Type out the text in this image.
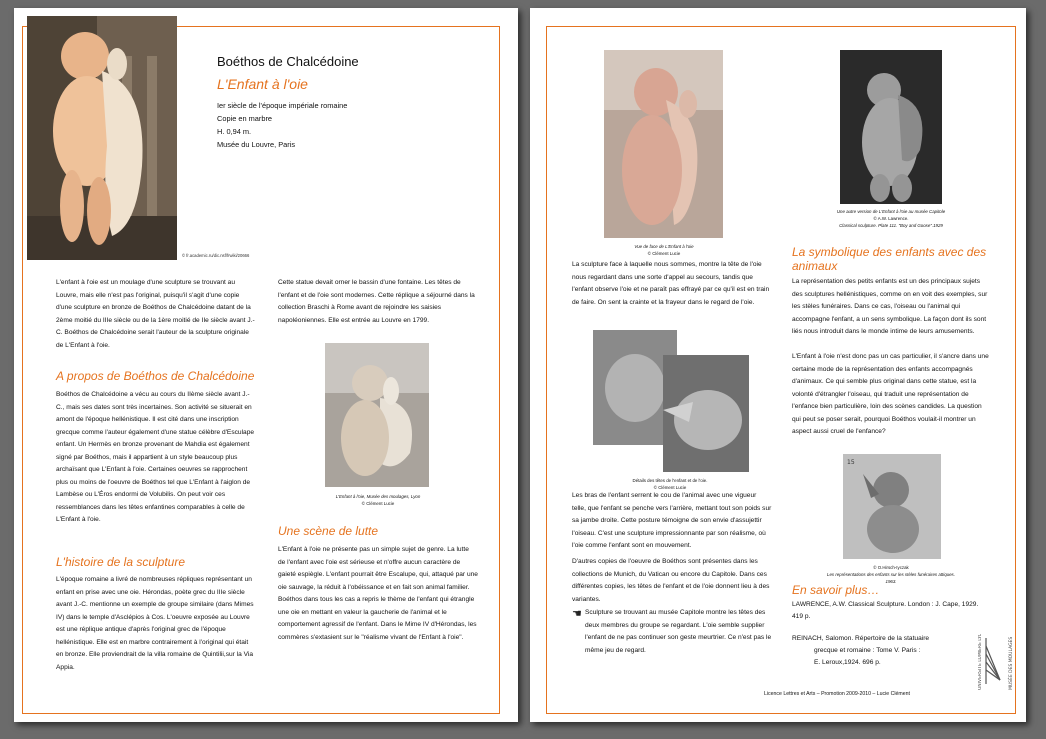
© fr.academic.ru/dic.nsf/frwiki/20666
Boéthos de Chalcédoine
L'Enfant à l'oie
Ier siècle de l'époque impériale romaine
Copie en marbre
H. 0,94 m.
Musée du Louvre, Paris
L'enfant à l'oie est un moulage d'une sculpture se trouvant au Louvre, mais elle n'est pas l'original, puisqu'il s'agit d'une copie d'une sculpture en bronze de Boéthos de Chalcédoine datant de la 2ème moitié du IIIe siècle ou de la 1ère moitié de IIe siècle avant J.-C. Boéthos de Chalcédoine serait l'auteur de la sculpture originale de L'Enfant à l'oie.
A propos de Boéthos de Chalcédoine
Boéthos de Chalcédoine a vécu au cours du IIème siècle avant J.-C., mais ses dates sont très incertaines. Son activité se situerait en amont de l'époque hellénistique. Il est cité dans une inscription grecque comme l'auteur également d'une statue célèbre d'Esculape enfant. Un Hermès en bronze provenant de Mahdia est également signé par Boéthos, mais il appartient à un style beaucoup plus archaïsant que L'Enfant à l'oie. Certaines oeuvres se rapprochent plus ou moins de l'oeuvre de Boéthos tel que L'Enfant à l'aiglon de Lambèse ou L'Éros endormi de Volubilis. On peut voir ces ressemblances dans les têtes enfantines comparables à celle de L'Enfant à l'oie.
L'histoire de la sculpture
L'époque romaine a livré de nombreuses répliques représentant un enfant en prise avec une oie. Hérondas, poète grec du IIIe siècle avant J.-C. mentionne un exemple de groupe similaire (dans Mimes IV) dans le temple d'Asclépios à Cos. L'oeuvre exposée au Louvre est une réplique antique d'après l'original grec de l'époque hellénistique. Elle est en marbre contrairement à l'original qui était en bronze. Elle proviendrait de la villa romaine de Quintilii,sur la Via Appia.
Cette statue devait orner le bassin d'une fontaine. Les têtes de l'enfant et de l'oie sont modernes. Cette réplique a séjourné dans la collection Braschi à Rome avant de rejoindre les saisies napoléoniennes. Elle est entrée au Louvre en 1799.
L'Enfant à l'oie, Musée des moulages, Lyon
© Clément Lucie
Une scène de lutte
L'Enfant à l'oie ne présente pas un simple sujet de genre. La lutte de l'enfant avec l'oie est sérieuse et n'offre aucun caractère de gaieté espiègle. L'enfant pourrait être Escalupe, qui, attaqué par une oie sauvage, la réduit à l'obéissance et en fait son animal familier. Boéthos dans tous les cas a repris le thème de l'enfant qui étrangle une oie en mettant en valeur la gaucherie de l'animal et le comportement agressif de l'enfant. Dans le Mime IV d'Hérondas, les commères s'extasient sur le "réalisme vivant de l'Enfant à l'oie".
Vue de face de L'Enfant à l'oie
© Clément Lucie
Une autre version de L'Enfant à l'oie au musée Capitole
© A.W. Lawrence.
Classical sculpture. Plate 111. "Boy and Goose".1929
La sculpture face à laquelle nous sommes, montre la tête de l'oie nous regardant dans une sorte d'appel au secours, tandis que l'enfant observe l'oie et ne paraît pas effrayé par ce qu'il est en train de faire. On sent la crainte et la frayeur dans le regard de l'oie.
Détails des têtes de l'enfant et de l'oie.
© Clément Lucie
Les bras de l'enfant serrent le cou de l'animal avec une vigueur telle, que l'enfant se penche vers l'arrière, mettant tout son poids sur sa jambe droite. Cette posture témoigne de son envie d'assujettir l'oiseau. C'est une sculpture impressionnante par son réalisme, où l'oie comme l'enfant sont en mouvement.
D'autres copies de l'oeuvre de Boéthos sont présentes dans les collections de Munich, du Vatican ou encore du Capitole. Dans ces différentes copies, les têtes de l'enfant et de l'oie donnent lieu à des variantes.
☚ Sculpture se trouvant au musée Capitole montre les têtes des deux membres du groupe se regardant. L'oie semble supplier l'enfant de ne pas continuer son geste meurtrier. Ce n'est pas le même jeu de regard.
La symbolique des enfants avec des animaux
La représentation des petits enfants est un des principaux sujets des sculptures hellénistiques, comme on en voit des exemples, sur les stèles funéraires. Dans ce cas, l'oiseau ou l'animal qui accompagne l'enfant, a un sens symbolique. La façon dont ils sont liés nous introduit dans le monde intime de leurs amusements.
L'Enfant à l'oie n'est donc pas un cas particulier, il s'ancre dans une certaine mode de la représentation des enfants accompagnés d'animaux. Ce qui semble plus original dans cette statue, est la volonté d'étrangler l'oiseau, qui traduit une représentation de l'enfance bien particulière, loin des scènes candides. La question qui peut se poser serait, pourquoi Boéthos voulait-il montrer un aspect aussi cruel de l'enfance?
15
© O.Hirsch-Iyczak
Les représentations des enfants sur les stèles funéraires attiques. 1963.
En savoir plus…
LAWRENCE, A.W. Classical Sculpture. London : J. Cape, 1929. 419 p.
REINACH, Salomon. Répertoire de la statuaire
grecque et romaine : Tome V. Paris :
E. Leroux,1924. 696 p.	UNIVERSITÉ LUMIÈRE LYON 2	MUSÉE DES MOULAGES
Licence Lettres et Arts – Promotion 2009-2010 – Lucie Clément
